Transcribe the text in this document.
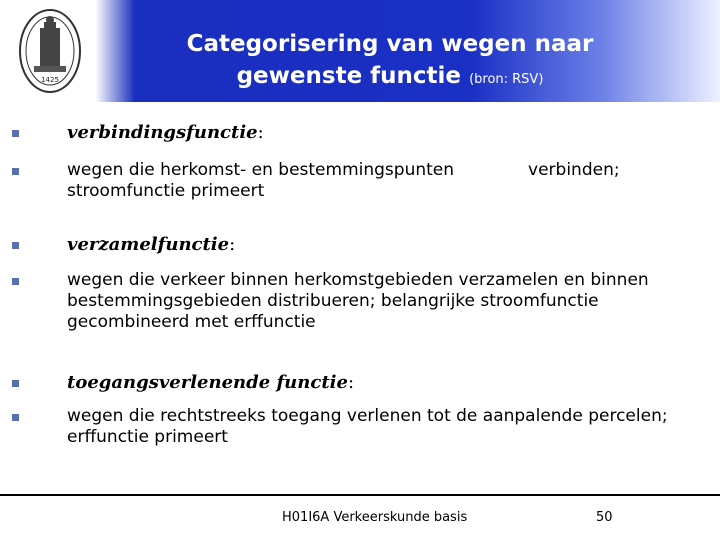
1425
Categorisering van wegen naar
gewenste functie (bron: RSV)
verbindingsfunctie:
wegen die herkomst- en bestemmingspunten	verbinden;
stroomfunctie primeert
verzamelfunctie:
wegen die verkeer binnen herkomstgebieden verzamelen en binnen
bestemmingsgebieden distribueren; belangrijke stroomfunctie
gecombineerd met erffunctie
toegangsverlenende functie:
wegen die rechtstreeks toegang verlenen tot de aanpalende percelen;
erffunctie primeert
H01I6A Verkeerskunde basis	50
